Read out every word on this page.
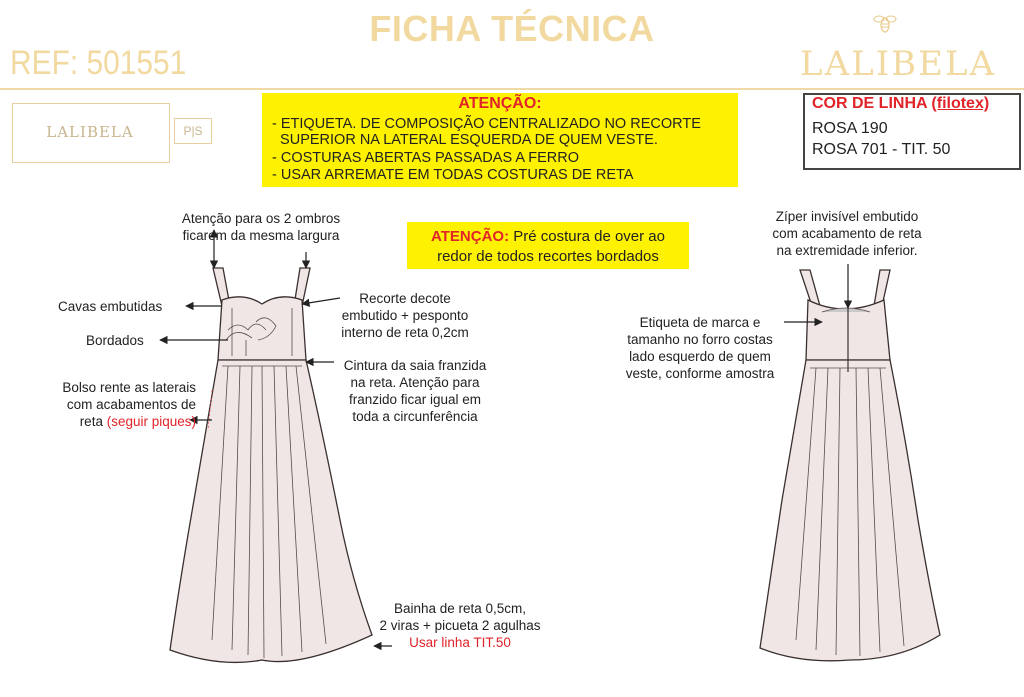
FICHA TÉCNICA
REF: 501551	LALIBELA
LALIBELA	P|S
ATENÇÃO:
- ETIQUETA. DE COMPOSIÇÃO CENTRALIZADO NO RECORTE
SUPERIOR NA LATERAL ESQUERDA DE QUEM VESTE.
- COSTURAS ABERTAS PASSADAS A FERRO
- USAR ARREMATE EM TODAS COSTURAS DE RETA
COR DE LINHA (filotex)
ROSA 190
ROSA 701 - TIT. 50
ATENÇÃO: Pré costura de over ao
redor de todos recortes bordados
Atenção para os 2 ombros
ficarem da mesma largura
Cavas embutidas
Bordados
Bolso rente as laterais
com acabamentos de
reta (seguir piques)
Recorte decote
embutido + pesponto
interno de reta 0,2cm
Cintura da saia franzida
na reta. Atenção para
franzido ficar igual em
toda a circunferência
Bainha de reta 0,5cm,
2 viras + picueta 2 agulhas
Usar linha TIT.50
Zíper invisível embutido
com acabamento de reta
na extremidade inferior.
Etiqueta de marca e
tamanho no forro costas
lado esquerdo de quem
veste, conforme amostra
